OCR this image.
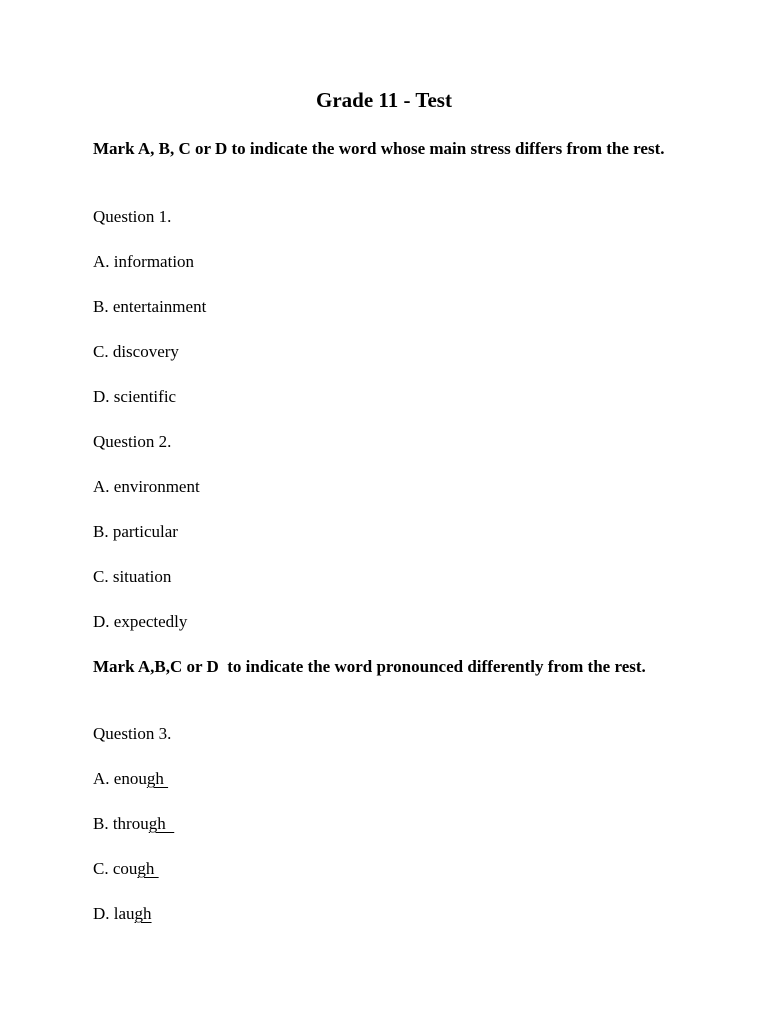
Grade 11 - Test

Mark A, B, C or D to indicate the word whose main stress differs from the rest.

Question 1.

A. information

B. entertainment

C. discovery

D. scientific

Question 2.

A. environment

B. particular

C. situation

D. expectedly

Mark A,B,C or D  to indicate the word pronounced differently from the rest.

Question 3.

A. enough

B. through

C. cough

D. laugh
